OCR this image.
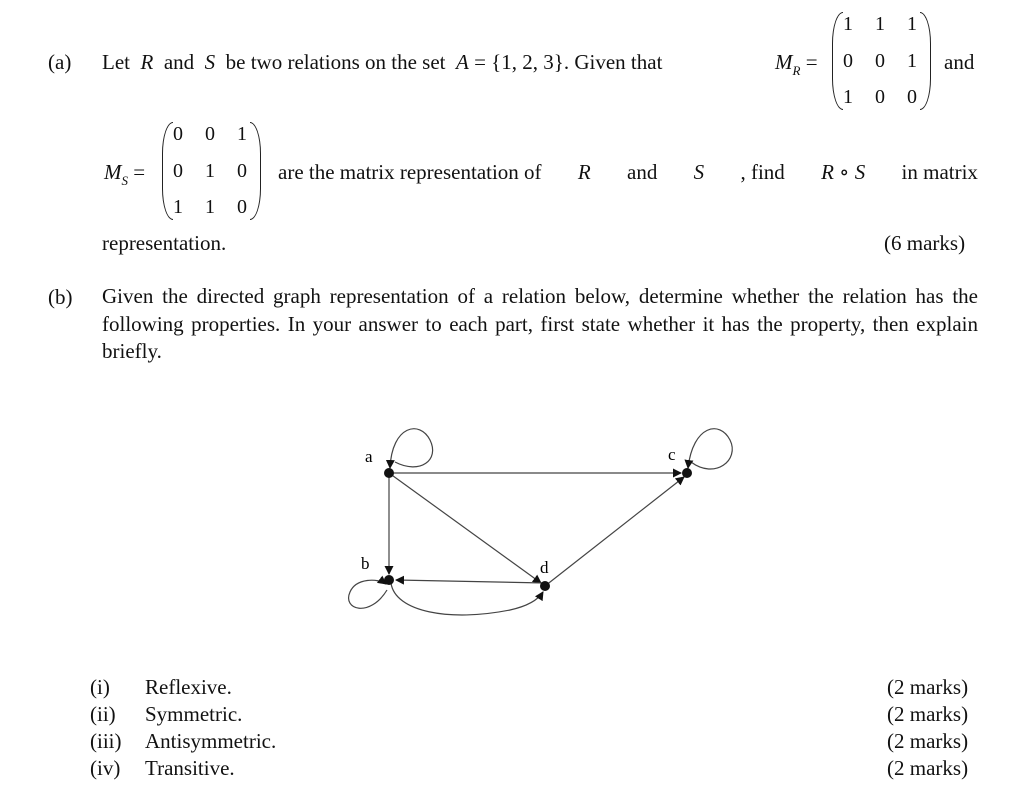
(a) Let R and S be two relations on the set A = {1, 2, 3}. Given that	$M_R$ =
1	1	1
0	0	1
1	0	0
and
$M_S$ =
0	0	1
0	1	0
1	1	0
are the matrix representation of R and S , find R ∘ S in matrix
representation.	(6 marks)
(b) Given the directed graph representation of a relation below, determine whether the relation has the following properties. In your answer to each part, first state whether it has the property, then explain briefly.
a
b
c
d
(i) Reflexive.	(2 marks)
(ii) Symmetric.	(2 marks)
(iii) Antisymmetric.	(2 marks)
(iv) Transitive.	(2 marks)
